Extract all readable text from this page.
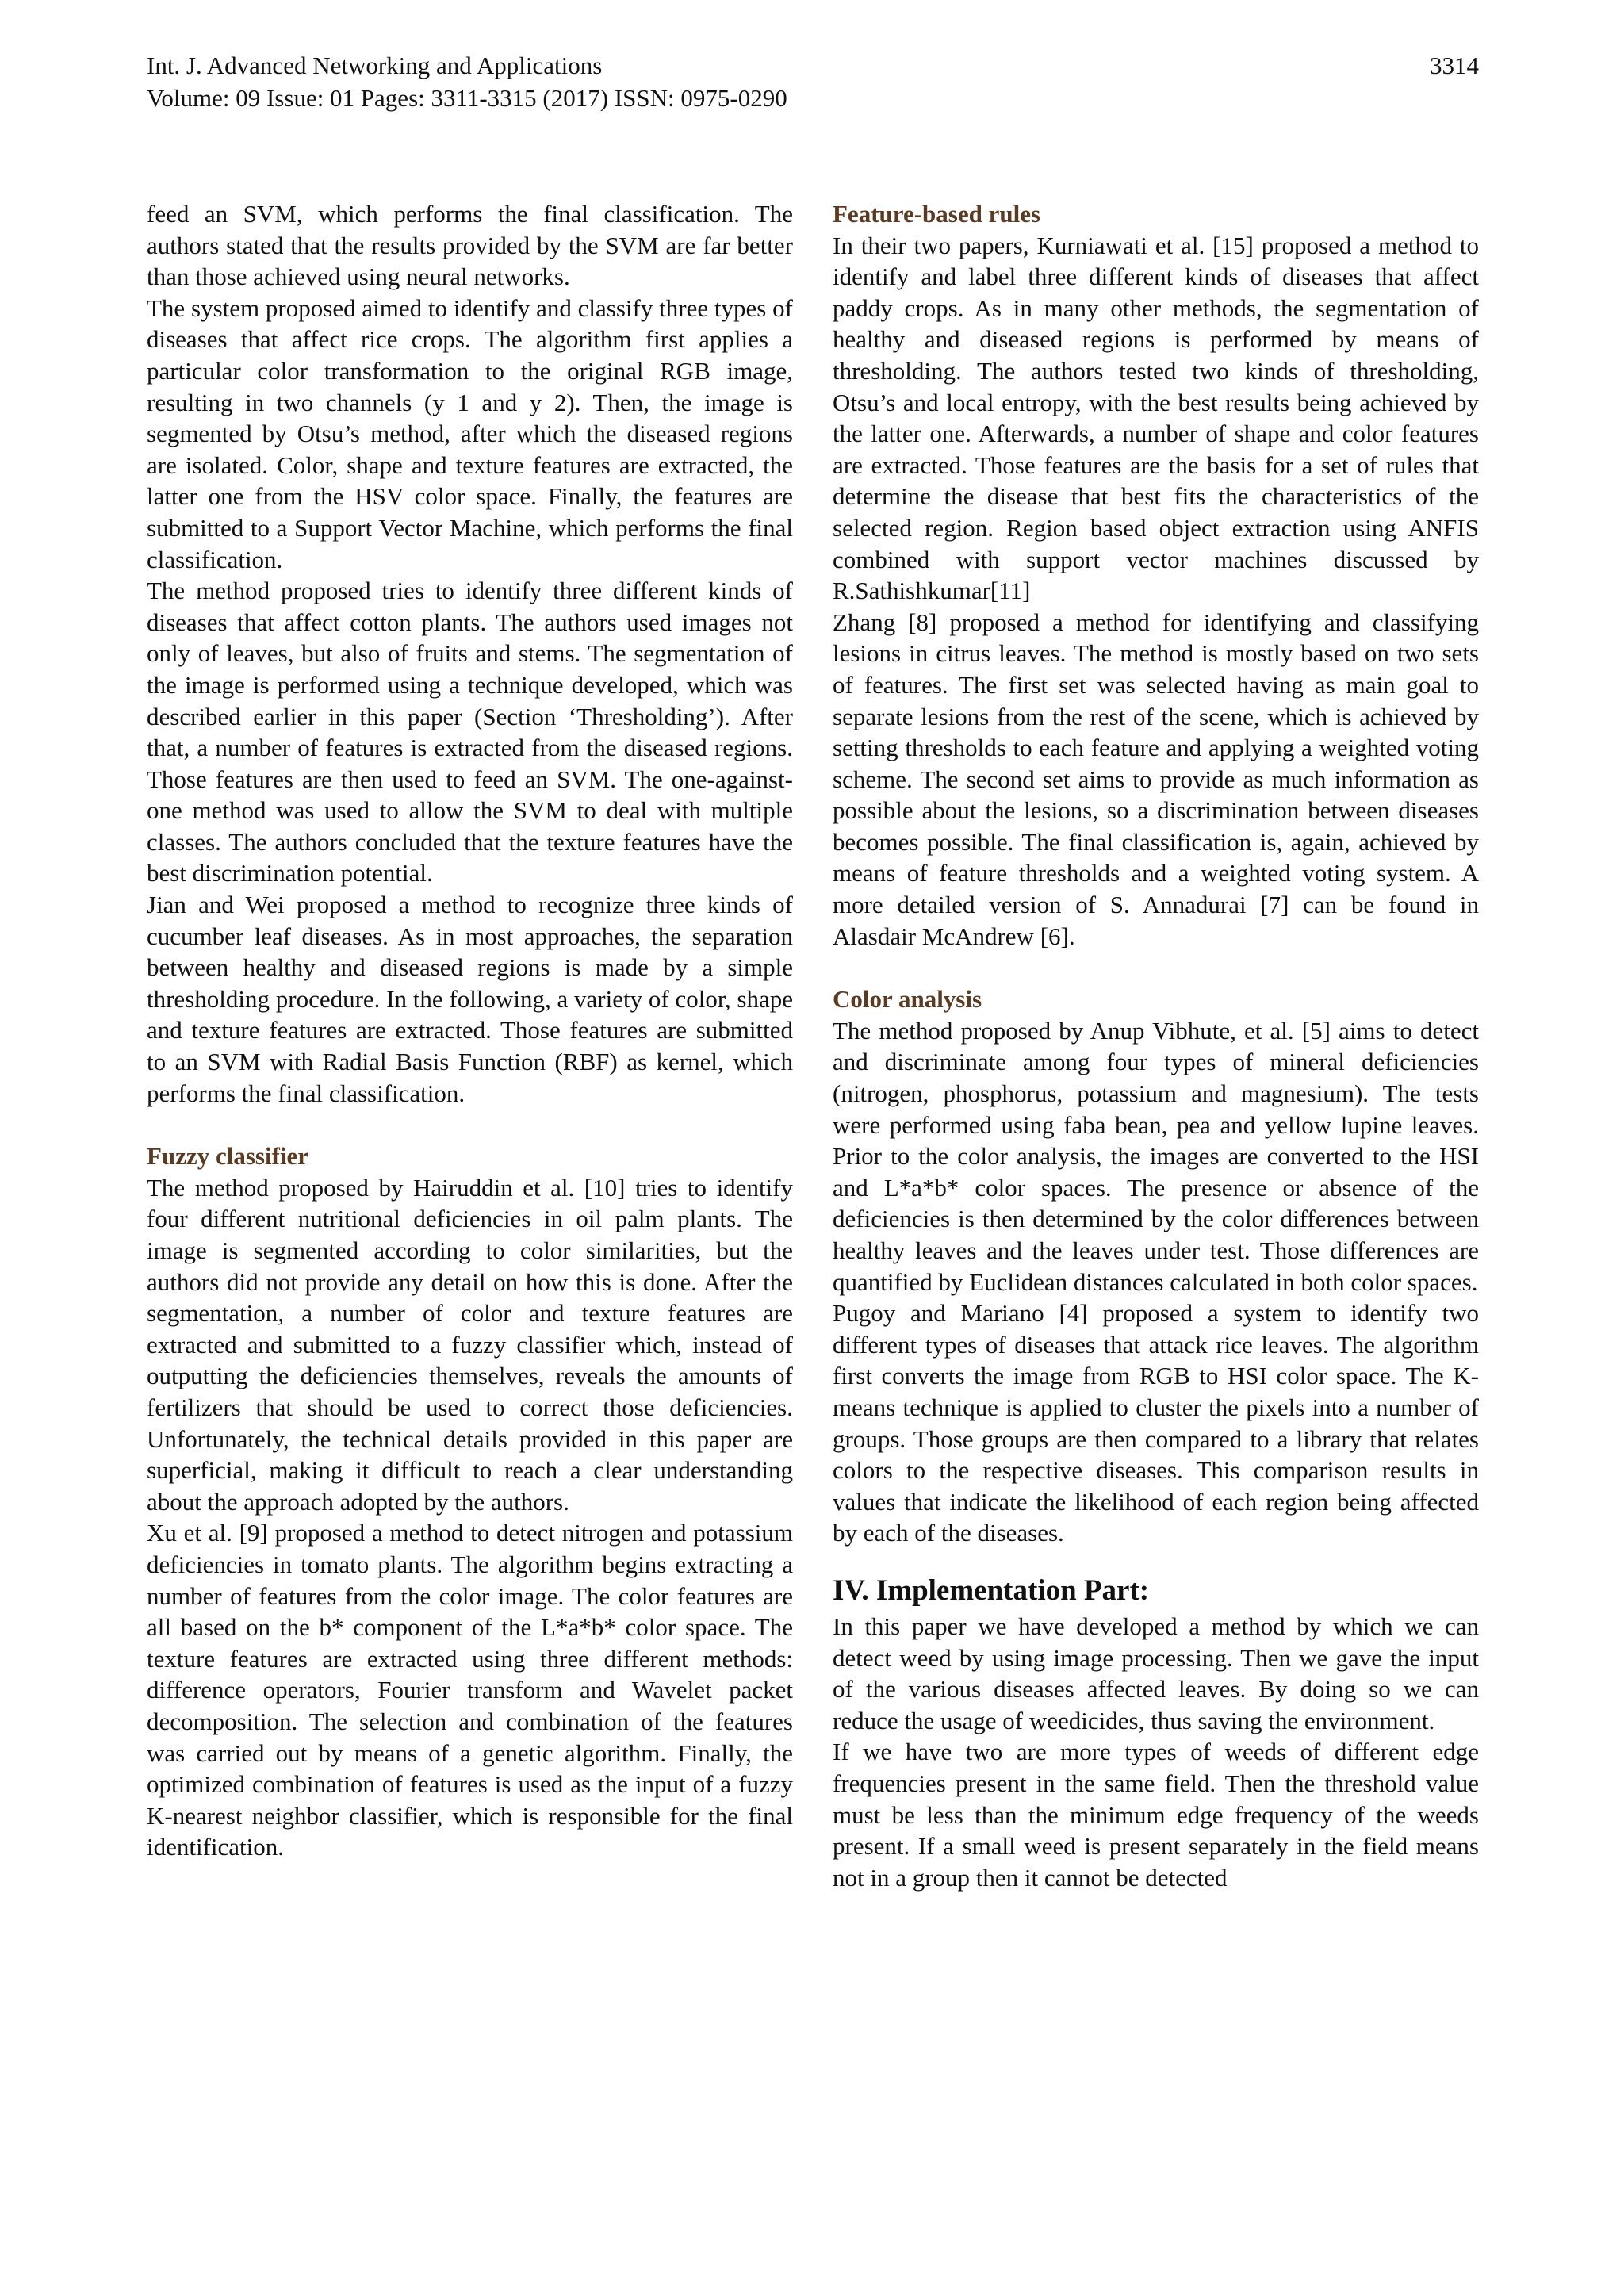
Int. J. Advanced Networking and Applications
Volume: 09 Issue: 01 Pages: 3311-3315 (2017) ISSN: 0975-0290
3314

feed an SVM, which performs the final classification. The authors stated that the results provided by the SVM are far better than those achieved using neural networks.

The system proposed aimed to identify and classify three types of diseases that affect rice crops. The algorithm first applies a particular color transformation to the original RGB image, resulting in two channels (y 1 and y 2). Then, the image is segmented by Otsu’s method, after which the diseased regions are isolated. Color, shape and texture features are extracted, the latter one from the HSV color space. Finally, the features are submitted to a Support Vector Machine, which performs the final classification.

The method proposed tries to identify three different kinds of diseases that affect cotton plants. The authors used images not only of leaves, but also of fruits and stems. The segmentation of the image is performed using a technique developed, which was described earlier in this paper (Section ‘Thresholding’). After that, a number of features is extracted from the diseased regions. Those features are then used to feed an SVM. The one-against-one method was used to allow the SVM to deal with multiple classes. The authors concluded that the texture features have the best discrimination potential.

Jian and Wei proposed a method to recognize three kinds of cucumber leaf diseases. As in most approaches, the separation between healthy and diseased regions is made by a simple thresholding procedure. In the following, a variety of color, shape and texture features are extracted. Those features are submitted to an SVM with Radial Basis Function (RBF) as kernel, which performs the final classification.

Fuzzy classifier

The method proposed by Hairuddin et al. [10] tries to identify four different nutritional deficiencies in oil palm plants. The image is segmented according to color similarities, but the authors did not provide any detail on how this is done. After the segmentation, a number of color and texture features are extracted and submitted to a fuzzy classifier which, instead of outputting the deficiencies themselves, reveals the amounts of fertilizers that should be used to correct those deficiencies. Unfortunately, the technical details provided in this paper are superficial, making it difficult to reach a clear understanding about the approach adopted by the authors.

Xu et al. [9] proposed a method to detect nitrogen and potassium deficiencies in tomato plants. The algorithm begins extracting a number of features from the color image. The color features are all based on the b* component of the L*a*b* color space. The texture features are extracted using three different methods: difference operators, Fourier transform and Wavelet packet decomposition. The selection and combination of the features was carried out by means of a genetic algorithm. Finally, the optimized combination of features is used as the input of a fuzzy K-nearest neighbor classifier, which is responsible for the final identification.

Feature-based rules

In their two papers, Kurniawati et al. [15] proposed a method to identify and label three different kinds of diseases that affect paddy crops. As in many other methods, the segmentation of healthy and diseased regions is performed by means of thresholding. The authors tested two kinds of thresholding, Otsu’s and local entropy, with the best results being achieved by the latter one. Afterwards, a number of shape and color features are extracted. Those features are the basis for a set of rules that determine the disease that best fits the characteristics of the selected region. Region based object extraction using ANFIS combined with support vector machines discussed by R.Sathishkumar[11]

Zhang [8] proposed a method for identifying and classifying lesions in citrus leaves. The method is mostly based on two sets of features. The first set was selected having as main goal to separate lesions from the rest of the scene, which is achieved by setting thresholds to each feature and applying a weighted voting scheme. The second set aims to provide as much information as possible about the lesions, so a discrimination between diseases becomes possible. The final classification is, again, achieved by means of feature thresholds and a weighted voting system. A more detailed version of S. Annadurai [7] can be found in Alasdair McAndrew [6].

Color analysis

The method proposed by Anup Vibhute, et al. [5] aims to detect and discriminate among four types of mineral deficiencies (nitrogen, phosphorus, potassium and magnesium). The tests were performed using faba bean, pea and yellow lupine leaves. Prior to the color analysis, the images are converted to the HSI and L*a*b* color spaces. The presence or absence of the deficiencies is then determined by the color differences between healthy leaves and the leaves under test. Those differences are quantified by Euclidean distances calculated in both color spaces.

Pugoy and Mariano [4] proposed a system to identify two different types of diseases that attack rice leaves. The algorithm first converts the image from RGB to HSI color space. The K-means technique is applied to cluster the pixels into a number of groups. Those groups are then compared to a library that relates colors to the respective diseases. This comparison results in values that indicate the likelihood of each region being affected by each of the diseases.

IV. Implementation Part:

In this paper we have developed a method by which we can detect weed by using image processing. Then we gave the input of the various diseases affected leaves. By doing so we can reduce the usage of weedicides, thus saving the environment.

If we have two are more types of weeds of different edge frequencies present in the same field. Then the threshold value must be less than the minimum edge frequency of the weeds present. If a small weed is present separately in the field means not in a group then it cannot be detected
